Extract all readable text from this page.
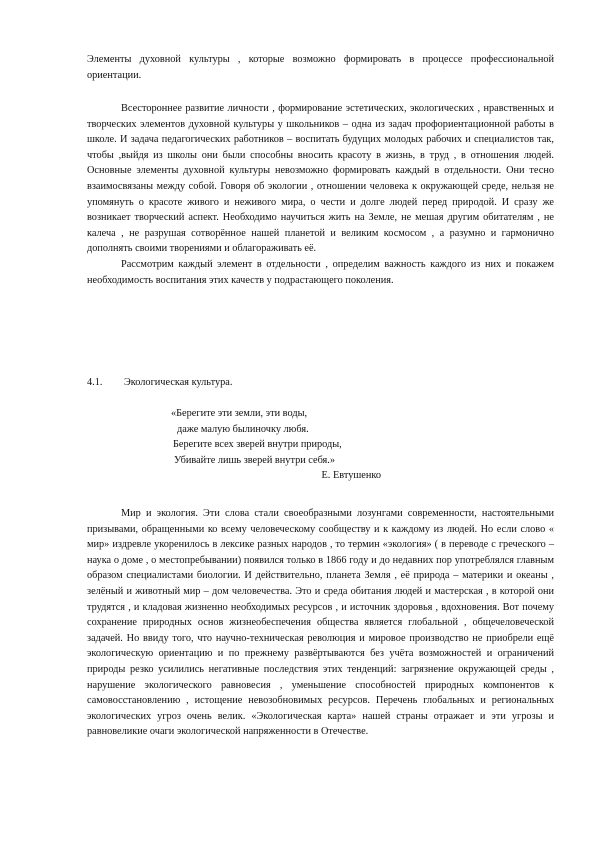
Элементы духовной культуры , которые возможно формировать в процессе профессиональной ориентации.

Всестороннее развитие личности , формирование эстетических, экологических , нравственных и творческих элементов духовной культуры у школьников – одна из задач профориентационной работы в школе. И задача педагогических работников – воспитать будущих молодых рабочих и специалистов так, чтобы ,выйдя из школы они были способны вносить красоту в жизнь, в труд , в отношения людей. Основные элементы духовной культуры невозможно формировать каждый в отдельности. Они тесно взаимосвязаны между собой. Говоря об экологии , отношении человека к окружающей среде, нельзя не упомянуть о красоте живого и неживого мира, о чести и долге людей перед природой. И сразу же возникает творческий аспект. Необходимо научиться жить на Земле, не мешая другим обитателям , не калеча , не разрушая сотворённое нашей планетой и великим космосом , а разумно и гармонично дополнять своими творениями и облагораживать её.

Рассмотрим каждый элемент в отдельности , определим важность каждого из них и покажем необходимость воспитания этих качеств у подрастающего поколения.

4.1. Экологическая культура.
«Берегите эти земли, эти воды,
даже малую былиночку любя.
Берегите всех зверей внутри природы,
Убивайте лишь зверей внутри себя.»
Е. Евтушенко

Мир и экология. Эти слова стали своеобразными лозунгами современности, настоятельными призывами, обращенными ко всему человеческому сообществу и к каждому из людей. Но если слово « мир» издревле укоренилось в лексике разных народов , то термин «экология» ( в переводе с греческого – наука о доме , о местопребывании) появился только в 1866 году и до недавних пор употреблялся главным образом специалистами биологии. И действительно, планета Земля , её природа – материки и океаны , зелёный и животный мир – дом человечества. Это и среда обитания людей и мастерская , в которой они трудятся , и кладовая жизненно необходимых ресурсов , и источник здоровья , вдохновения. Вот почему сохранение природных основ жизнеобеспечения общества является глобальной , общечеловеческой задачей. Но ввиду того, что научно-техническая революция и мировое производство не приобрели ещё экологическую ориентацию и по прежнему развёртываются без учёта возможностей и ограничений природы резко усилились негативные последствия этих тенденций: загрязнение окружающей среды , нарушение экологического равновесия , уменьшение способностей природных компонентов к самовосстановлению , истощение невозобновимых ресурсов. Перечень глобальных и региональных экологических угроз очень велик. «Экологическая карта» нашей страны отражает и эти угрозы и равновеликие очаги экологической напряженности в Отечестве.
